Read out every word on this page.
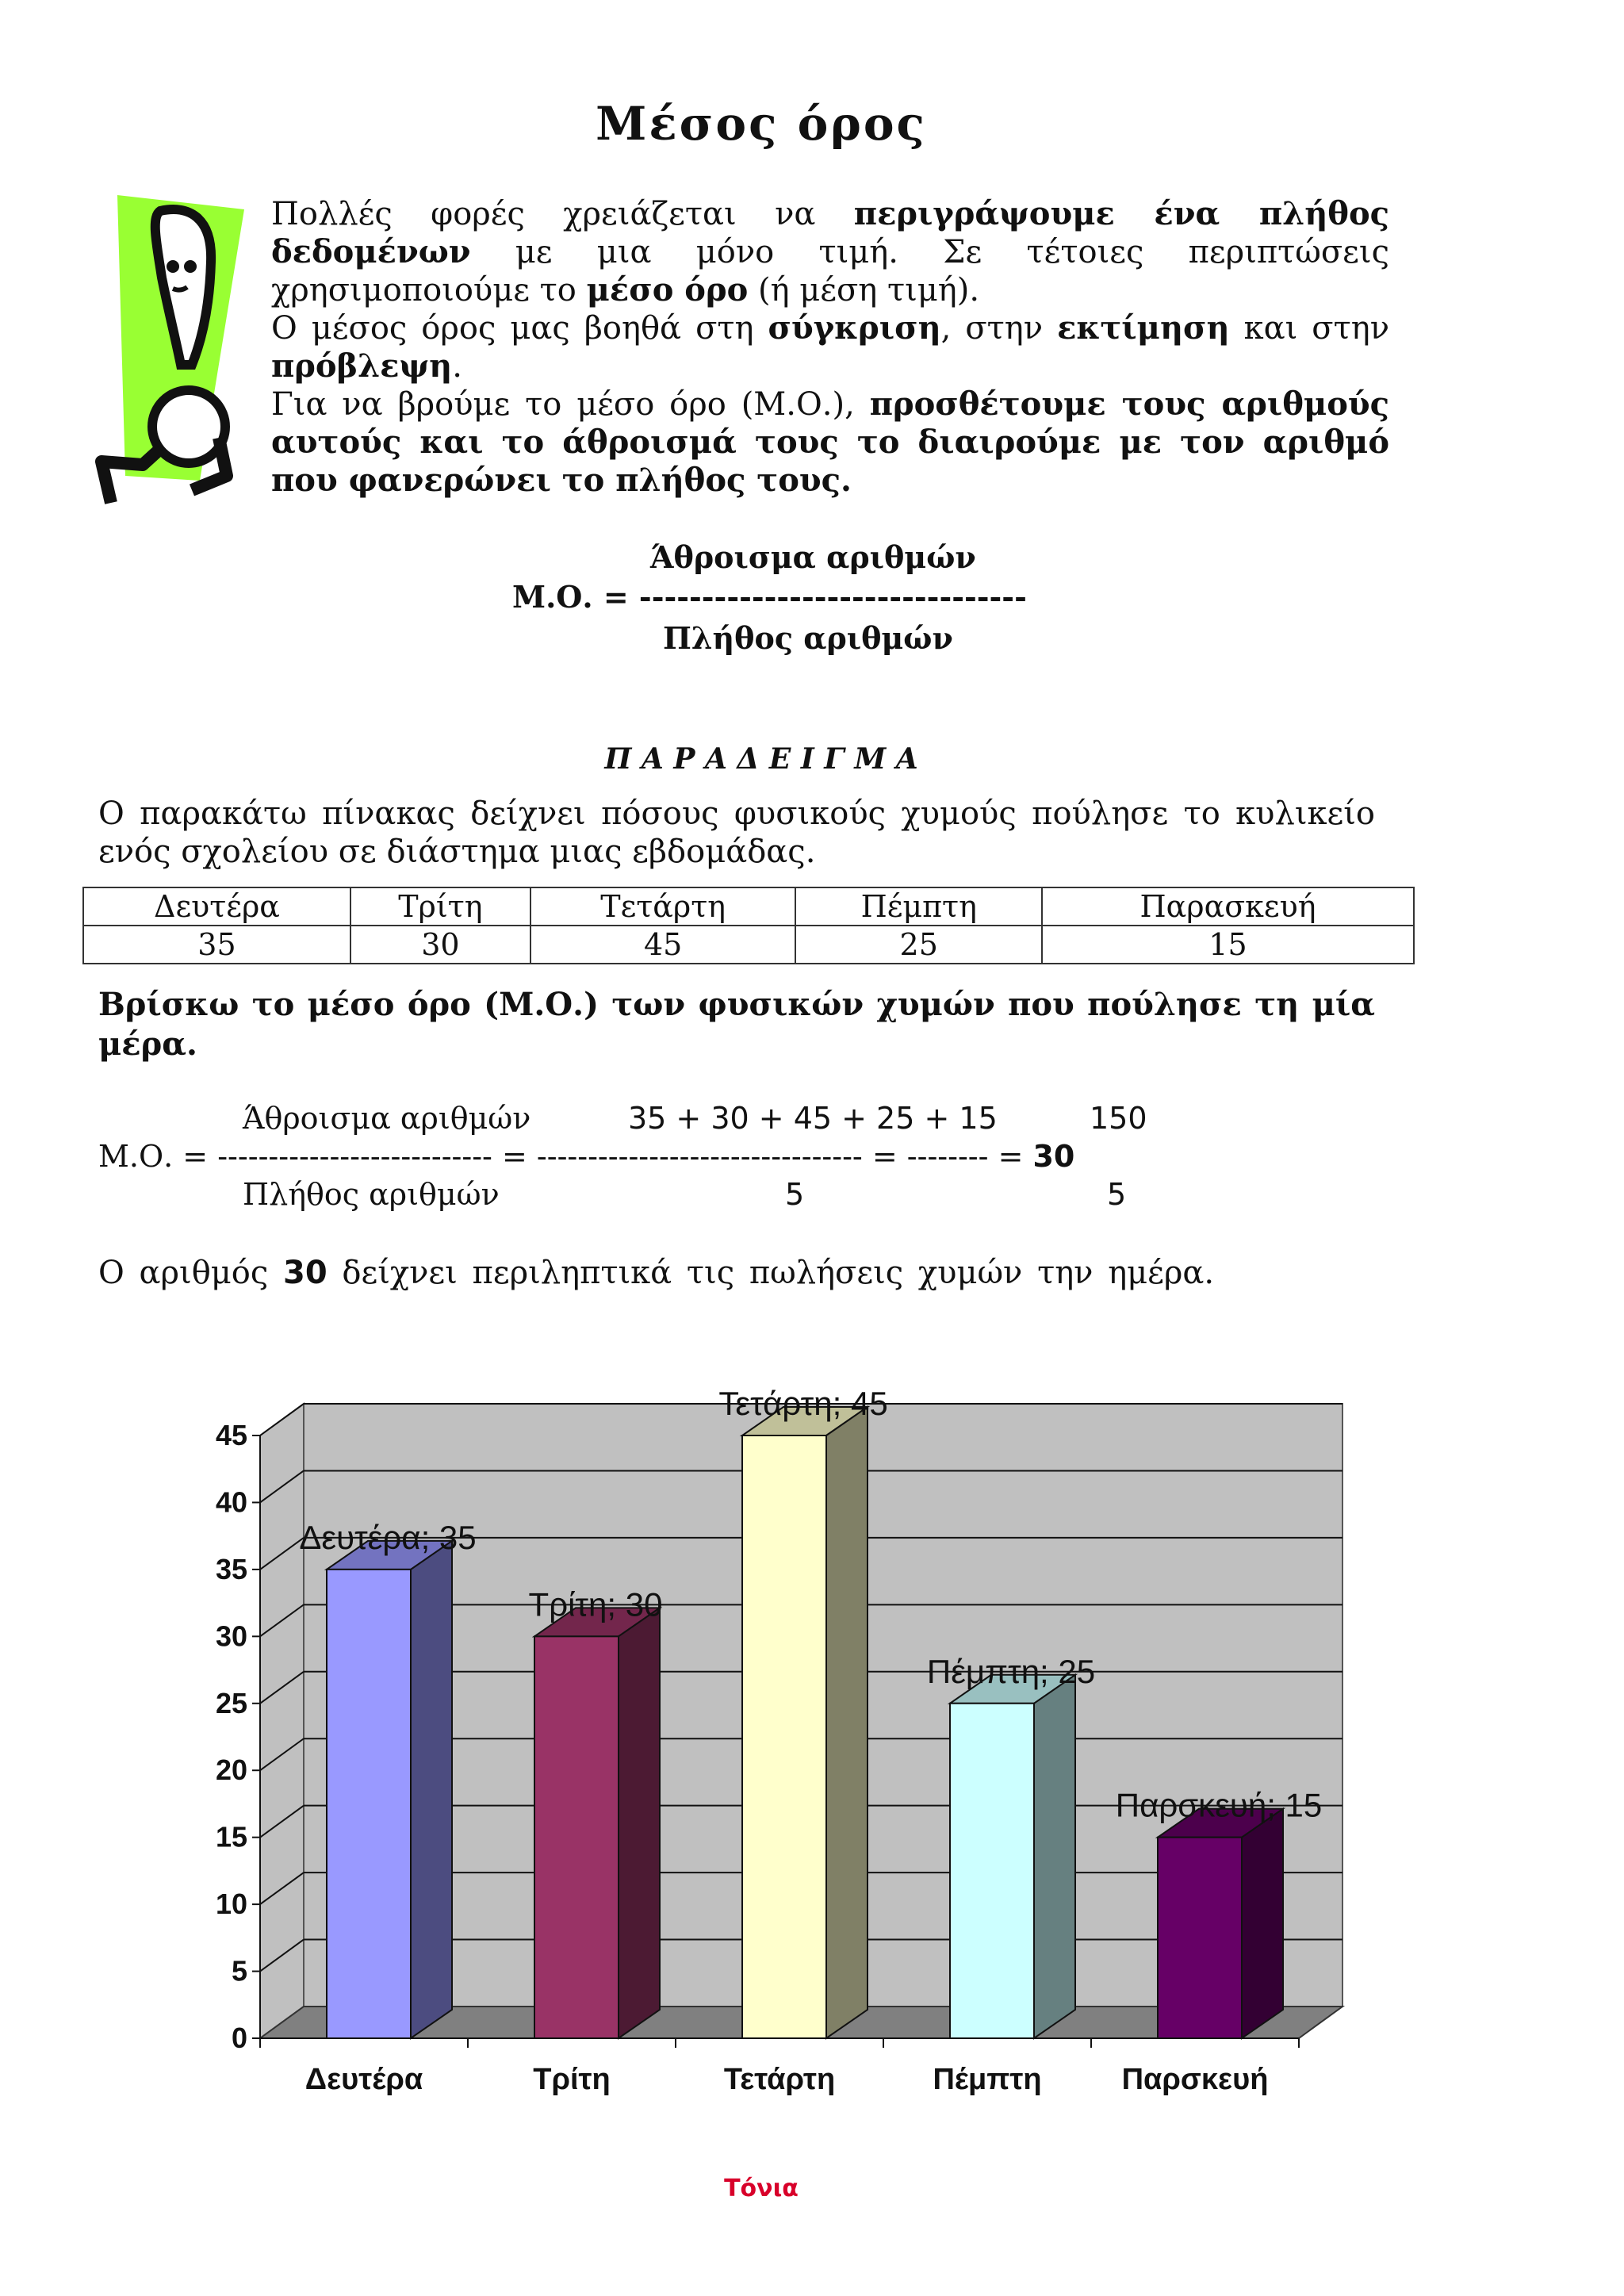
Μέσος όρος
Πολλές φορές χρειάζεται να περιγράψουμε ένα πλήθος δεδομένων με μια μόνο τιμή. Σε τέτοιες περιπτώσεις χρησιμοποιούμε το μέσο όρο (ή μέση τιμή).
Ο μέσος όρος μας βοηθά στη σύγκριση, στην εκτίμηση και στην πρόβλεψη.
Για να βρούμε το μέσο όρο (Μ.Ο.), προσθέτουμε τους αριθμούς αυτούς και το άθροισμά τους το διαιρούμε με τον αριθμό που φανερώνει το πλήθος τους.
Άθροισμα αριθμών
Μ.Ο. = -------------------------------
Πλήθος αριθμών
Π Α Ρ Α Δ Ε Ι Γ Μ Α
Ο παρακάτω πίνακας δείχνει πόσους φυσικούς χυμούς πούλησε το κυλικείο ενός σχολείου σε διάστημα μιας εβδομάδας.
Δευτέρα	Τρίτη	Τετάρτη	Πέμπτη	Παρασκευή
35	30	45	25	15
Βρίσκω το μέσο όρο (Μ.Ο.) των φυσικών χυμών που πούλησε τη μία μέρα.
Άθροισμα αριθμών	35 + 30 + 45 + 25 + 15	150
Μ.Ο. = --------------------------- = -------------------------------- = -------- = 30
Πλήθος αριθμών	5	5
Ο αριθμός 30 δείχνει περιληπτικά τις πωλήσεις χυμών την ημέρα.
0
5
10
15
20
25
30
35
40
45
Δευτέρα
Δευτέρα; 35
Τρίτη
Τρίτη; 30
Τετάρτη
Τετάρτη; 45
Πέμπτη
Πέμπτη; 25
Παρσκευή
Παρσκευή; 15
Τόνια
